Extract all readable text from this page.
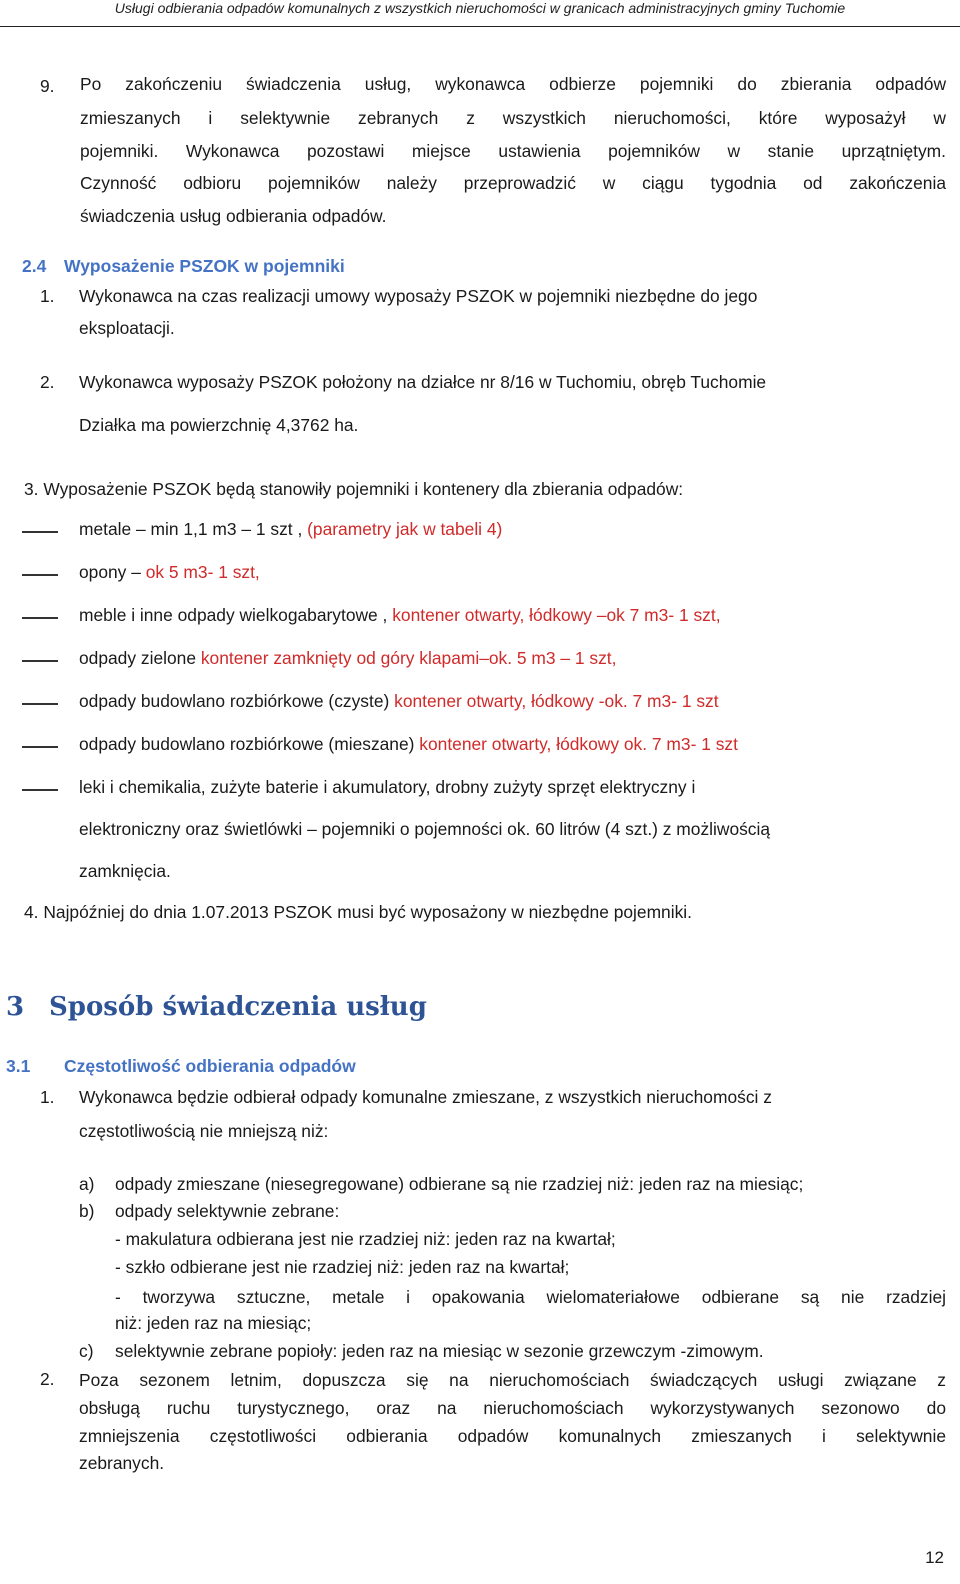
Usługi odbierania odpadów komunalnych z wszystkich nieruchomości w granicach administracyjnych gminy Tuchomie
9. Po zakończeniu świadczenia usług, wykonawca odbierze pojemniki do zbierania odpadów
zmieszanych i selektywnie zebranych z wszystkich nieruchomości, które wyposażył w
pojemniki. Wykonawca pozostawi miejsce ustawienia pojemników w stanie uprzątniętym.
Czynność odbioru pojemników należy przeprowadzić w ciągu tygodnia od zakończenia
świadczenia usług odbierania odpadów.
2.4 Wyposażenie PSZOK w pojemniki
1. Wykonawca na czas realizacji umowy wyposaży PSZOK w pojemniki niezbędne do jego
eksploatacji.
2. Wykonawca wyposaży PSZOK położony na działce nr 8/16 w Tuchomiu, obręb Tuchomie
Działka ma powierzchnię 4,3762 ha.
3. Wyposażenie PSZOK będą stanowiły pojemniki i kontenery dla zbierania odpadów:
metale – min 1,1 m3 – 1 szt , (parametry jak w tabeli 4)
opony – ok 5 m3- 1 szt,
meble i inne odpady wielkogabarytowe , kontener otwarty, łódkowy –ok 7 m3- 1 szt,
odpady zielone kontener zamknięty od góry klapami–ok. 5 m3 – 1 szt,
odpady budowlano rozbiórkowe (czyste) kontener otwarty, łódkowy -ok. 7 m3- 1 szt
odpady budowlano rozbiórkowe (mieszane) kontener otwarty, łódkowy ok. 7 m3- 1 szt
leki i chemikalia, zużyte baterie i akumulatory, drobny zużyty sprzęt elektryczny i
elektroniczny oraz świetlówki – pojemniki o pojemności ok. 60 litrów (4 szt.) z możliwością
zamknięcia.
4. Najpóźniej do dnia 1.07.2013 PSZOK musi być wyposażony w niezbędne pojemniki.
3 Sposób świadczenia usług
3.1 Częstotliwość odbierania odpadów
1. Wykonawca będzie odbierał odpady komunalne zmieszane, z wszystkich nieruchomości z
częstotliwością nie mniejszą niż:
a) odpady zmieszane (niesegregowane) odbierane są nie rzadziej niż: jeden raz na miesiąc;
b) odpady selektywnie zebrane:
- makulatura odbierana jest nie rzadziej niż: jeden raz na kwartał;
- szkło odbierane jest nie rzadziej niż: jeden raz na kwartał;
- tworzywa sztuczne, metale i opakowania wielomateriałowe odbierane są nie rzadziej
niż: jeden raz na miesiąc;
c) selektywnie zebrane popioły: jeden raz na miesiąc w sezonie grzewczym -zimowym.
2. Poza sezonem letnim, dopuszcza się na nieruchomościach świadczących usługi związane z
obsługą ruchu turystycznego, oraz na nieruchomościach wykorzystywanych sezonowo do
zmniejszenia częstotliwości odbierania odpadów komunalnych zmieszanych i selektywnie
zebranych.
12
